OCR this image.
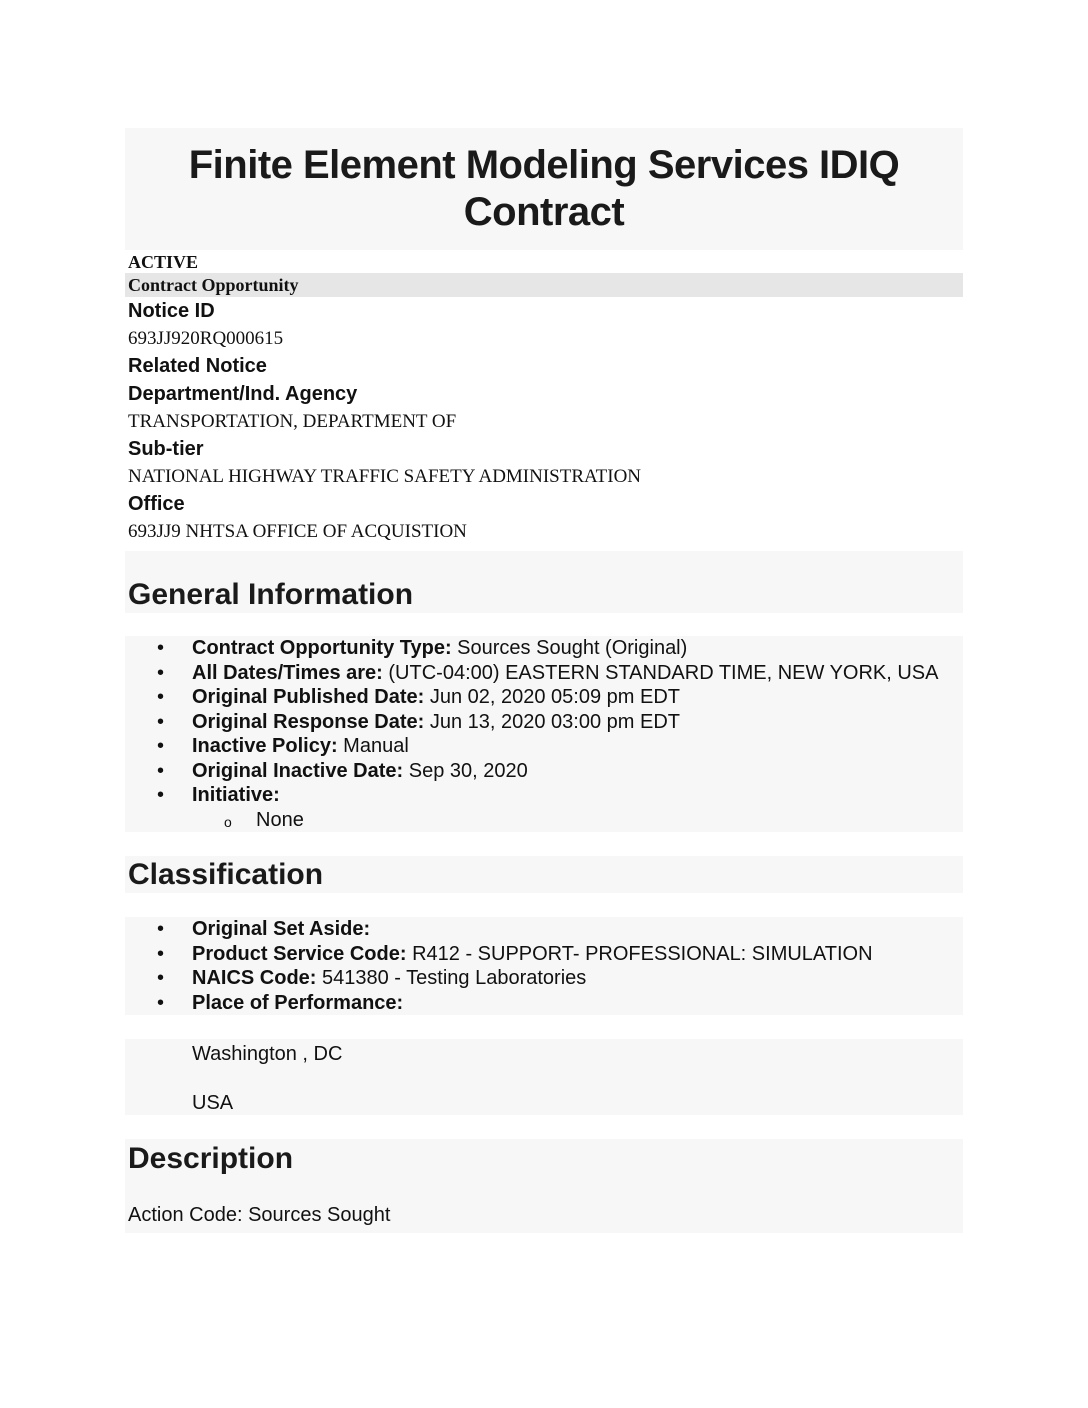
Finite Element Modeling Services IDIQ Contract
ACTIVE
Contract Opportunity
Notice ID
693JJ920RQ000615
Related Notice
Department/Ind. Agency
TRANSPORTATION, DEPARTMENT OF
Sub-tier
NATIONAL HIGHWAY TRAFFIC SAFETY ADMINISTRATION
Office
693JJ9 NHTSA OFFICE OF ACQUISTION
General Information
• Contract Opportunity Type: Sources Sought (Original)
• All Dates/Times are: (UTC-04:00) EASTERN STANDARD TIME, NEW YORK, USA
• Original Published Date: Jun 02, 2020 05:09 pm EDT
• Original Response Date: Jun 13, 2020 03:00 pm EDT
• Inactive Policy: Manual
• Original Inactive Date: Sep 30, 2020
• Initiative:
o None
Classification
• Original Set Aside:
• Product Service Code: R412 - SUPPORT- PROFESSIONAL: SIMULATION
• NAICS Code: 541380 - Testing Laboratories
• Place of Performance:
Washington , DC
USA
Description
Action Code: Sources Sought
